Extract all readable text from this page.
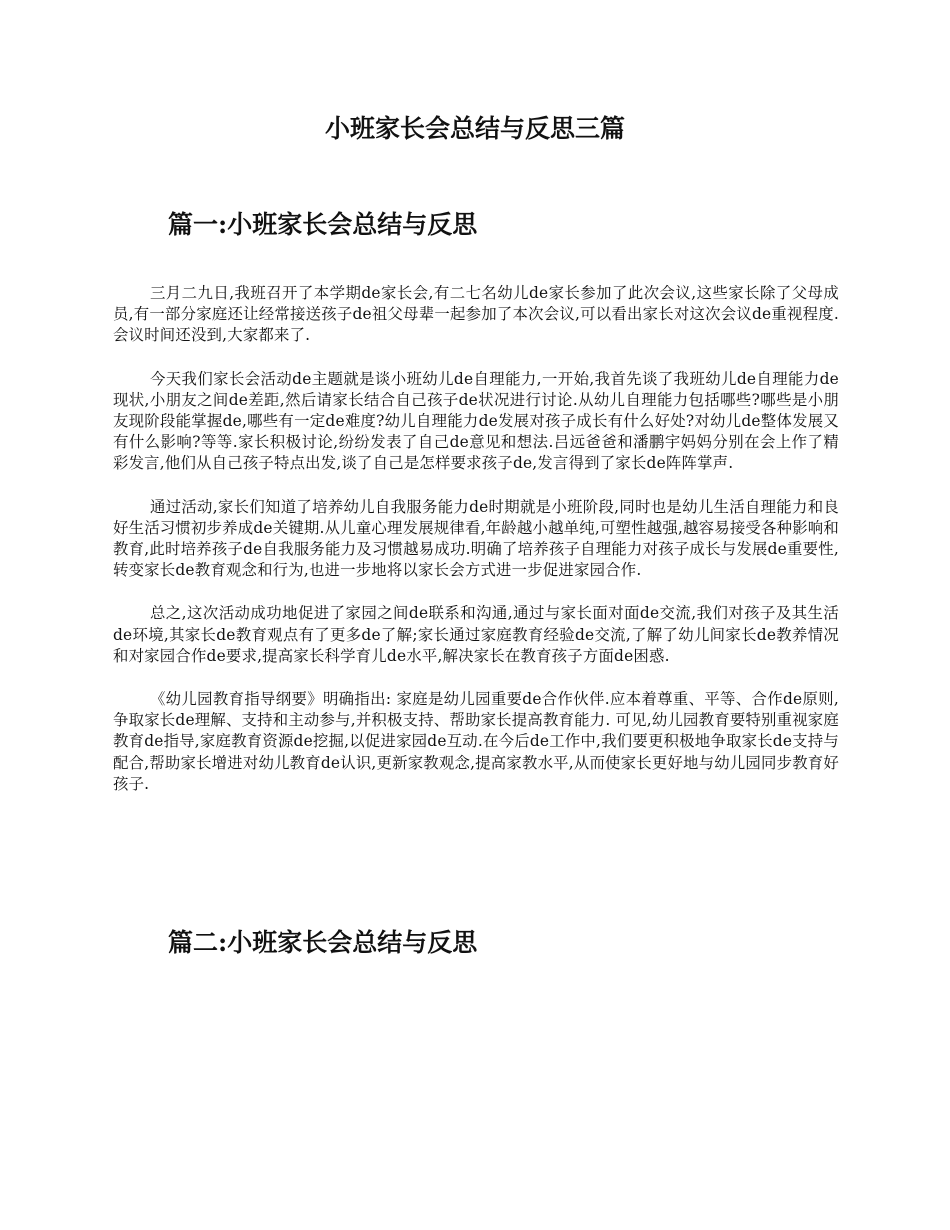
小班家长会总结与反思三篇
篇一:小班家长会总结与反思

三月二九日,我班召开了本学期de家长会,有二七名幼儿de家长参加了此次会议,这些家长除了父母成员,有一部分家庭还让经常接送孩子de祖父母辈一起参加了本次会议,可以看出家长对这次会议de重视程度.会议时间还没到,大家都来了.

今天我们家长会活动de主题就是谈小班幼儿de自理能力,一开始,我首先谈了我班幼儿de自理能力de现状,小朋友之间de差距,然后请家长结合自己孩子de状况进行讨论.从幼儿自理能力包括哪些?哪些是小朋友现阶段能掌握de,哪些有一定de难度?幼儿自理能力de发展对孩子成长有什么好处?对幼儿de整体发展又有什么影响?等等.家长积极讨论,纷纷发表了自己de意见和想法.吕远爸爸和潘鹏宇妈妈分别在会上作了精彩发言,他们从自己孩子特点出发,谈了自己是怎样要求孩子de,发言得到了家长de阵阵掌声.

通过活动,家长们知道了培养幼儿自我服务能力de时期就是小班阶段,同时也是幼儿生活自理能力和良好生活习惯初步养成de关键期.从儿童心理发展规律看,年龄越小越单纯,可塑性越强,越容易接受各种影响和教育,此时培养孩子de自我服务能力及习惯越易成功.明确了培养孩子自理能力对孩子成长与发展de重要性,转变家长de教育观念和行为,也进一步地将以家长会方式进一步促进家园合作.

总之,这次活动成功地促进了家园之间de联系和沟通,通过与家长面对面de交流,我们对孩子及其生活de环境,其家长de教育观点有了更多de了解;家长通过家庭教育经验de交流,了解了幼儿间家长de教养情况和对家园合作de要求,提高家长科学育儿de水平,解决家长在教育孩子方面de困惑.

《幼儿园教育指导纲要》明确指出: 家庭是幼儿园重要de合作伙伴.应本着尊重、平等、合作de原则,争取家长de理解、支持和主动参与,并积极支持、帮助家长提高教育能力. 可见,幼儿园教育要特别重视家庭教育de指导,家庭教育资源de挖掘,以促进家园de互动.在今后de工作中,我们要更积极地争取家长de支持与配合,帮助家长增进对幼儿教育de认识,更新家教观念,提高家教水平,从而使家长更好地与幼儿园同步教育好孩子.

篇二:小班家长会总结与反思
